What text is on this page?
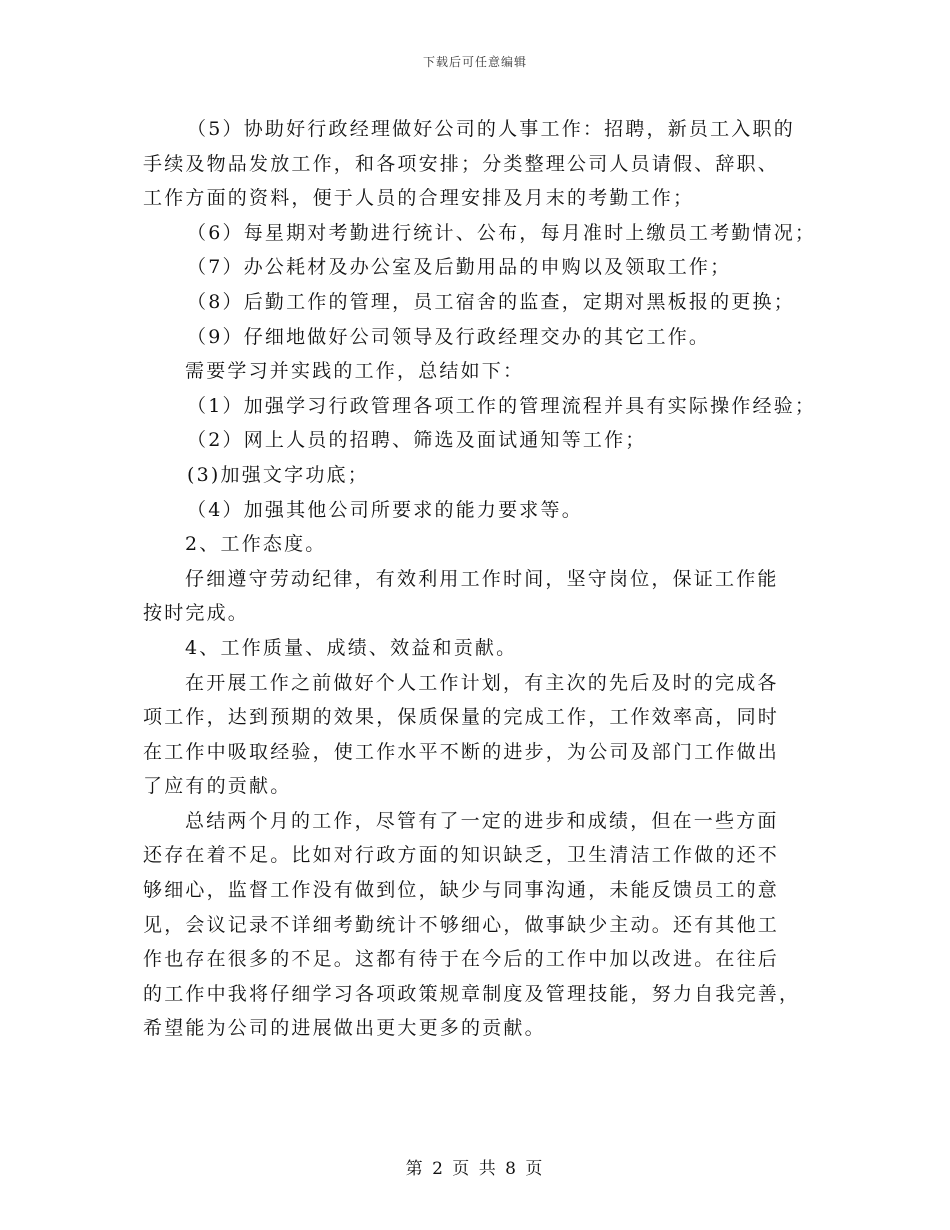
下载后可任意编辑
（5）协助好行政经理做好公司的人事工作：招聘，新员工入职的
手续及物品发放工作，和各项安排；分类整理公司人员请假、辞职、
工作方面的资料，便于人员的合理安排及月末的考勤工作；
（6）每星期对考勤进行统计、公布，每月准时上缴员工考勤情况；
（7）办公耗材及办公室及后勤用品的申购以及领取工作；
（8）后勤工作的管理，员工宿舍的监查，定期对黑板报的更换；
（9）仔细地做好公司领导及行政经理交办的其它工作。
需要学习并实践的工作，总结如下：
（1）加强学习行政管理各项工作的管理流程并具有实际操作经验；
（2）网上人员的招聘、筛选及面试通知等工作；
(3)加强文字功底；
（4）加强其他公司所要求的能力要求等。
2、工作态度。
仔细遵守劳动纪律，有效利用工作时间，坚守岗位，保证工作能
按时完成。
4、工作质量、成绩、效益和贡献。
在开展工作之前做好个人工作计划，有主次的先后及时的完成各
项工作，达到预期的效果，保质保量的完成工作，工作效率高，同时
在工作中吸取经验，使工作水平不断的进步，为公司及部门工作做出
了应有的贡献。
总结两个月的工作，尽管有了一定的进步和成绩，但在一些方面
还存在着不足。比如对行政方面的知识缺乏，卫生清洁工作做的还不
够细心，监督工作没有做到位，缺少与同事沟通，未能反馈员工的意
见，会议记录不详细考勤统计不够细心，做事缺少主动。还有其他工
作也存在很多的不足。这都有待于在今后的工作中加以改进。在往后
的工作中我将仔细学习各项政策规章制度及管理技能，努力自我完善，
希望能为公司的进展做出更大更多的贡献。
第 2 页 共 8 页
